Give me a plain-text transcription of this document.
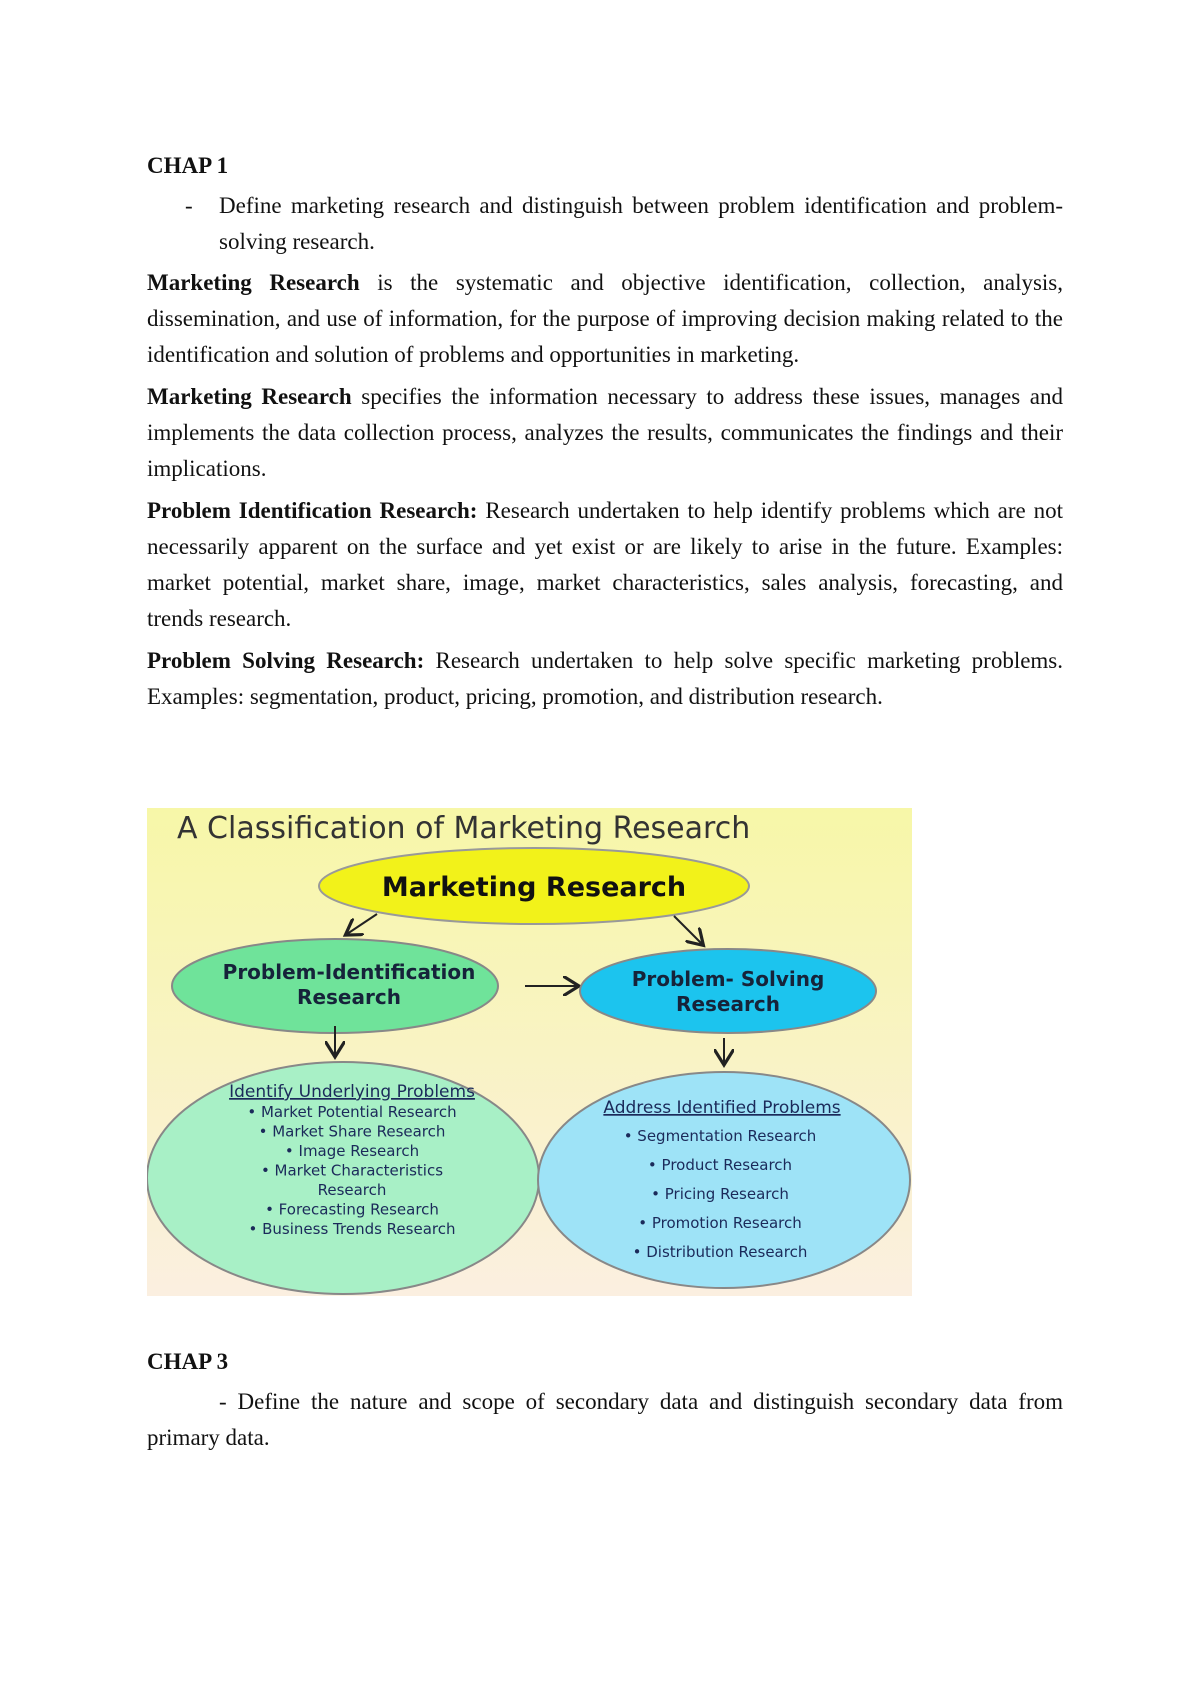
CHAP 1
-	Define marketing research and distinguish between problem identification and problem-solving research.

Marketing Research is the systematic and objective identification, collection, analysis, dissemination, and use of information, for the purpose of improving decision making related to the identification and solution of problems and opportunities in marketing.

Marketing Research specifies the information necessary to address these issues, manages and implements the data collection process, analyzes the results, communicates the findings and their implications.

Problem Identification Research: Research undertaken to help identify problems which are not necessarily apparent on the surface and yet exist or are likely to arise in the future. Examples: market potential, market share, image, market characteristics, sales analysis, forecasting, and trends research.

Problem Solving Research: Research undertaken to help solve specific marketing problems. Examples: segmentation, product, pricing, promotion, and distribution research.

A Classification of Marketing Research
Marketing Research
Problem-Identification
Research
Problem- Solving
Research
Identify Underlying Problems
• Market Potential Research
• Market Share Research
• Image Research
• Market Characteristics
Research
• Forecasting Research
• Business Trends Research
Address Identified Problems
• Segmentation Research
• Product Research
• Pricing Research
• Promotion Research
• Distribution Research
CHAP 3

- Define the nature and scope of secondary data and distinguish secondary data from primary data.
